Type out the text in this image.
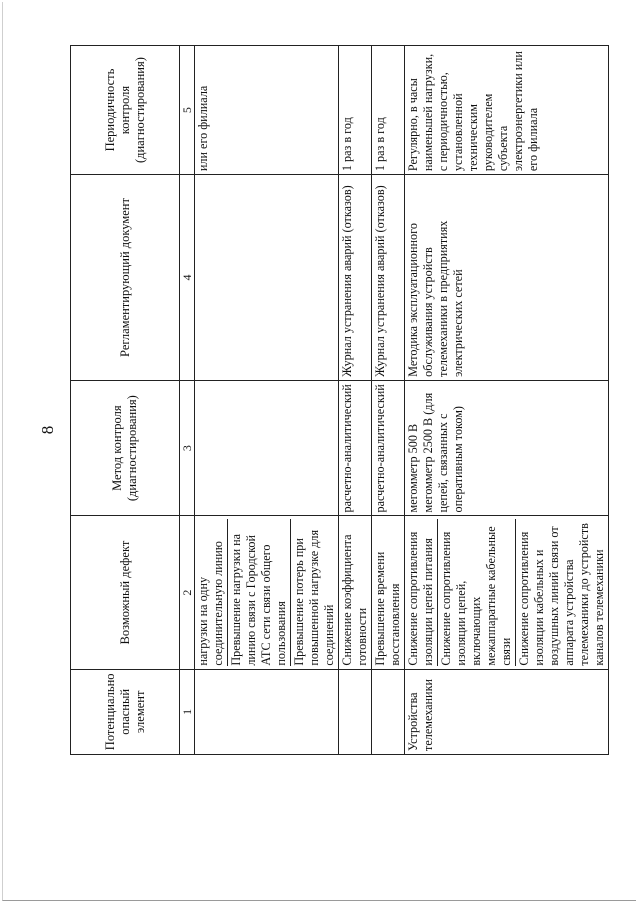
8
Потенциально опасный элемент	Возможный дефект	Метод контроля (диагностирования)	Регламентирующий документ	Периодичность контроля (диагностирования)
1	2	3	4	5

	нагрузки на одну соединительную линию Превышение нагрузки на линию связи с Городской АТС сети связи общего пользования Превышение потерь при повышенной нагрузке для соединений			или его филиала

	Снижение коэффициента готовности	расчетно-аналитический	Журнал устранения аварий (отказов)	1 раз в год

	Превышение времени восстановления	расчетно-аналитический	Журнал устранения аварий (отказов)	1 раз в год
Устройства телемеханики	Снижение сопротивления изоляции цепей питания Снижение сопротивления изоляции цепей, включающих межаппаратные кабельные связи Снижение сопротивления изоляции кабельных и воздушных линий связи от аппарата устройства телемеханики до устройств каналов телемеханики	мегомметр 500 В мегомметр 2500 В (для цепей, связанных с оперативным током)	Методика эксплуатационного обслуживания устройств телемеханики в предприятиях электрических сетей	Регулярно, в часы наименьшей нагрузки, с периодичностью, установленной техническим руководителем субъекта электроэнергетики или его филиала
